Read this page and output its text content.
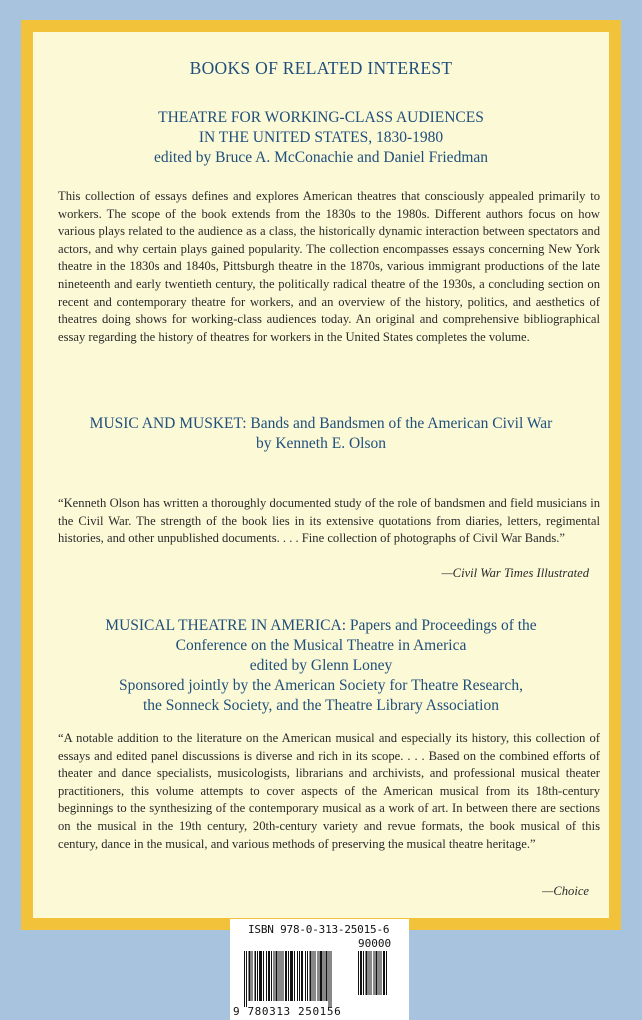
BOOKS OF RELATED INTEREST
THEATRE FOR WORKING-CLASS AUDIENCES
IN THE UNITED STATES, 1830-1980
edited by Bruce A. McConachie and Daniel Friedman
This collection of essays defines and explores American theatres that consciously appealed primarily to workers. The scope of the book extends from the 1830s to the 1980s. Different authors focus on how various plays related to the audience as a class, the historically dynamic interaction between spectators and actors, and why certain plays gained popularity. The collection encompasses essays concerning New York theatre in the 1830s and 1840s, Pittsburgh theatre in the 1870s, various immigrant productions of the late nineteenth and early twentieth century, the politically radical theatre of the 1930s, a concluding section on recent and contemporary theatre for workers, and an overview of the history, politics, and aesthetics of theatres doing shows for working-class audiences today. An original and comprehensive bibliographical essay regarding the history of theatres for workers in the United States completes the volume.
MUSIC AND MUSKET: Bands and Bandsmen of the American Civil War
by Kenneth E. Olson
“Kenneth Olson has written a thoroughly documented study of the role of bandsmen and field musicians in the Civil War. The strength of the book lies in its extensive quotations from diaries, letters, regimental histories, and other unpublished documents. . . . Fine collection of photographs of Civil War Bands.”
—Civil War Times Illustrated
MUSICAL THEATRE IN AMERICA: Papers and Proceedings of the
Conference on the Musical Theatre in America
edited by Glenn Loney
Sponsored jointly by the American Society for Theatre Research,
the Sonneck Society, and the Theatre Library Association
“A notable addition to the literature on the American musical and especially its history, this collection of essays and edited panel discussions is diverse and rich in its scope. . . . Based on the combined efforts of theater and dance specialists, musicologists, librarians and archivists, and professional musical theater practitioners, this volume attempts to cover aspects of the American musical from its 18th-century beginnings to the synthesizing of the contemporary musical as a work of art. In between there are sections on the musical in the 19th century, 20th-century variety and revue formats, the book musical of this century, dance in the musical, and various methods of preserving the musical theatre heritage.”
—Choice
ISBN 978-0-313-25015-6
90000
9 780313 250156
